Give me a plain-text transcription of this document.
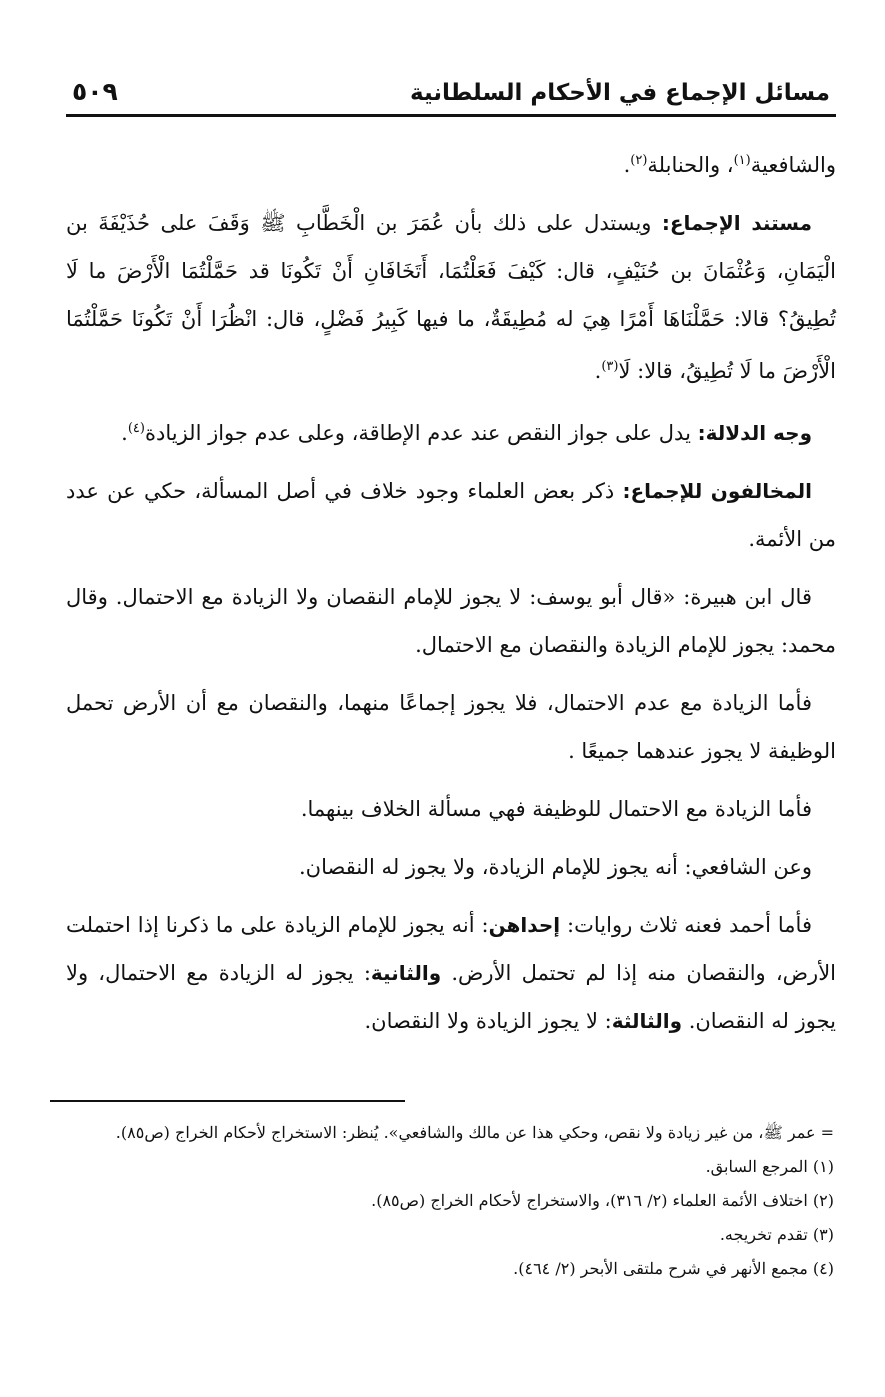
مسائل الإجماع في الأحكام السلطانية
٥٠٩

والشافعية$^{(١)}$، والحنابلة$^{(٢)}$.

مستند الإجماع: ويستدل على ذلك بأن عُمَرَ بن الْخَطَّابِ ﷺ وَقَفَ على حُذَيْفَةَ بن الْيَمَانِ، وَعُثْمَانَ بن حُنَيْفٍ، قال: كَيْفَ فَعَلْتُمَا، أَتَخَافَانِ أَنْ تَكُونَا قد حَمَّلْتُمَا الْأَرْضَ ما لَا تُطِيقُ؟ قالا: حَمَّلْنَاهَا أَمْرًا هِيَ له مُطِيقَةٌ، ما فيها كَبِيرُ فَضْلٍ، قال: انْظُرَا أَنْ تَكُونَا حَمَّلْتُمَا الْأَرْضَ ما لَا تُطِيقُ، قالا: لَا$^{(٣)}$.

وجه الدلالة: يدل على جواز النقص عند عدم الإطاقة، وعلى عدم جواز الزيادة$^{(٤)}$.

المخالفون للإجماع: ذكر بعض العلماء وجود خلاف في أصل المسألة، حكي عن عدد من الأئمة.

قال ابن هبيرة: «قال أبو يوسف: لا يجوز للإمام النقصان ولا الزيادة مع الاحتمال. وقال محمد: يجوز للإمام الزيادة والنقصان مع الاحتمال.

فأما الزيادة مع عدم الاحتمال، فلا يجوز إجماعًا منهما، والنقصان مع أن الأرض تحمل الوظيفة لا يجوز عندهما جميعًا .

فأما الزيادة مع الاحتمال للوظيفة فهي مسألة الخلاف بينهما.

وعن الشافعي: أنه يجوز للإمام الزيادة، ولا يجوز له النقصان.

فأما أحمد فعنه ثلاث روايات: إحداهن: أنه يجوز للإمام الزيادة على ما ذكرنا إذا احتملت الأرض، والنقصان منه إذا لم تحتمل الأرض. والثانية: يجوز له الزيادة مع الاحتمال، ولا يجوز له النقصان. والثالثة: لا يجوز الزيادة ولا النقصان.

= عمر ﷺ، من غير زيادة ولا نقص، وحكي هذا عن مالك والشافعي». يُنظر: الاستخراج لأحكام الخراج (ص٨٥).
(١) المرجع السابق.
(٢) اختلاف الأئمة العلماء (٢/ ٣١٦)، والاستخراج لأحكام الخراج (ص٨٥).
(٣) تقدم تخريجه.
(٤) مجمع الأنهر في شرح ملتقى الأبحر (٢/ ٤٦٤).
